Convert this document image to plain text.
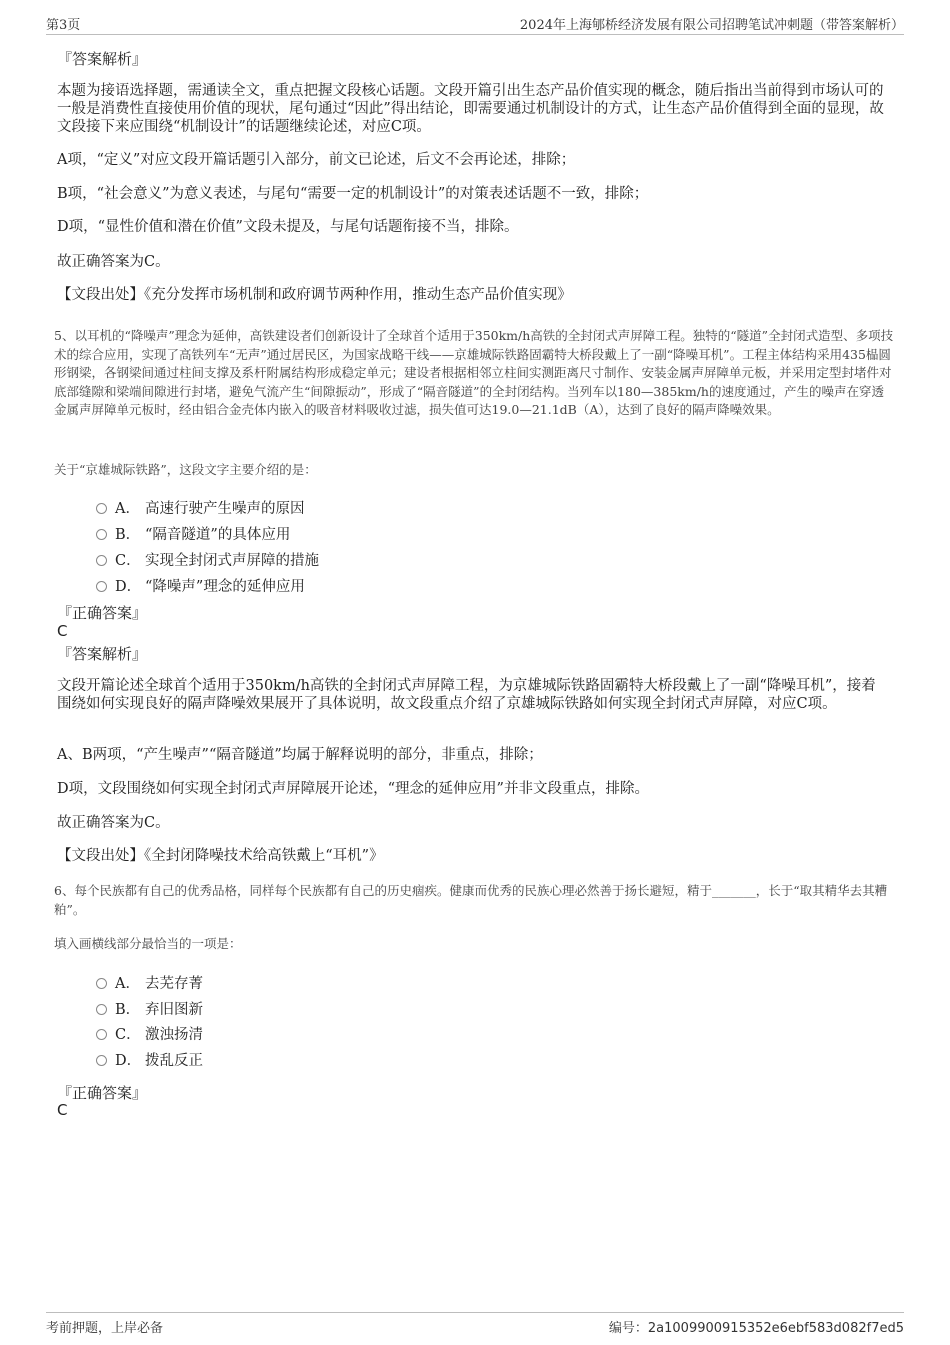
第3页	2024年上海郇桥经济发展有限公司招聘笔试冲刺题（带答案解析）
『答案解析』

本题为接语选择题，需通读全文，重点把握文段核心话题。文段开篇引出生态产品价值实现的概念，随后指出当前得到市场认可的一般是消费性直接使用价值的现状，尾句通过“因此”得出结论，即需要通过机制设计的方式，让生态产品价值得到全面的显现，故文段接下来应围绕“机制设计”的话题继续论述，对应C项。

A项，“定义”对应文段开篇话题引入部分，前文已论述，后文不会再论述，排除；

B项，“社会意义”为意义表述，与尾句“需要一定的机制设计”的对策表述话题不一致，排除；

D项，“显性价值和潜在价值”文段未提及，与尾句话题衔接不当，排除。

故正确答案为C。

【文段出处】《充分发挥市场机制和政府调节两种作用，推动生态产品价值实现》

5、以耳机的“降噪声”理念为延伸，高铁建设者们创新设计了全球首个适用于350km/h高铁的全封闭式声屏障工程。独特的“隧道”全封闭式造型、多项技术的综合应用，实现了高铁列车“无声”通过居民区，为国家战略干线——京雄城际铁路固霸特大桥段戴上了一副“降噪耳机”。工程主体结构采用435榀圆形钢梁，各钢梁间通过柱间支撑及系杆附属结构形成稳定单元；建设者根据相邻立柱间实测距离尺寸制作、安装金属声屏障单元板，并采用定型封堵件对底部缝隙和梁端间隙进行封堵，避免气流产生“间隙振动”，形成了“隔音隧道”的全封闭结构。当列车以180—385km/h的速度通过，产生的噪声在穿透金属声屏障单元板时，经由铝合金壳体内嵌入的吸音材料吸收过滤，损失值可达19.0—21.1dB（A），达到了良好的隔声降噪效果。

关于“京雄城际铁路”，这段文字主要介绍的是：

A． 高速行驶产生噪声的原因
B． “隔音隧道”的具体应用
C． 实现全封闭式声屏障的措施
D． “降噪声”理念的延伸应用
『正确答案』
C
『答案解析』

文段开篇论述全球首个适用于350km/h高铁的全封闭式声屏障工程，为京雄城际铁路固霸特大桥段戴上了一副“降噪耳机”，接着围绕如何实现良好的隔声降噪效果展开了具体说明，故文段重点介绍了京雄城际铁路如何实现全封闭式声屏障，对应C项。

A、B两项，“产生噪声”“隔音隧道”均属于解释说明的部分，非重点，排除；

D项，文段围绕如何实现全封闭式声屏障展开论述，“理念的延伸应用”并非文段重点，排除。

故正确答案为C。

【文段出处】《全封闭降噪技术给高铁戴上“耳机”》

6、每个民族都有自己的优秀品格，同样每个民族都有自己的历史痼疾。健康而优秀的民族心理必然善于扬长避短，精于_______，长于“取其精华去其糟粕”。

填入画横线部分最恰当的一项是：

A． 去芜存菁
B． 弃旧图新
C． 激浊扬清
D． 拨乱反正
『正确答案』
C
考前押题，上岸必备	编号：2a1009900915352e6ebf583d082f7ed5
